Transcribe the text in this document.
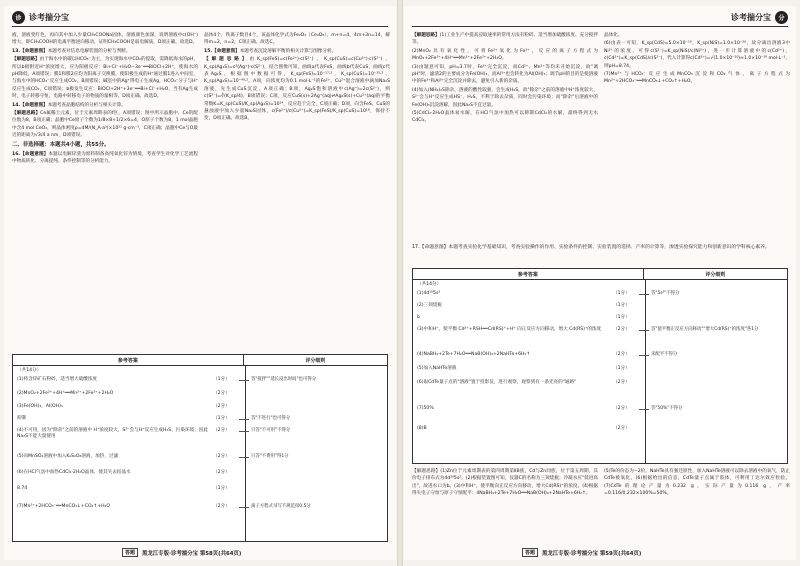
诊 诊考揣分宝

液，溶液变红色，再向其中加入少量CH₃COONa固体，溶液颜色加深，说明溶液中c(OH⁻)增大，即CH₃COOH的电离平衡逆向移动，证明CH₃COOH是弱电解质，D项正确。故选D。

13.【命题意图】本题考查对信息电解装置的分析与判断。

【解题思路】由于海水中的碳以HCO₃⁻为主，为实现海水中CO₂的提取，需降低海水的pH，所以b极附近H⁺浓度增大，应为阳极反应：Bi+Cl⁻+H₂O−3e⁻══BiOCl+2H⁺，使海水的pH降低，A项错误；膜1和膜2应均为阳离子交换膜，使阳极生成的H⁺通过膜1进入中间室，与海水中的HCO₃⁻反应生成CO₂，B项错误；碱室中的Ag⁺得电子生成Ag，HCO₃⁻分子与H⁺反应生成CO₂，C项错误；b极发生反应：BiOCl+2H⁺+3e⁻══Bi+Cl⁻+H₂O，当有Ag生成时，电子转移守恒，电路中转移电子的物质的量相等，D项正确。故选D。

14.【命题意图】本题考查晶胞结构的分析与相关计算。

【解题思路】Ce属稀土元素，位于元素周期表的f区，A项错误；图中所示晶胞中，Ce的配位数为8，B项正确；晶胞中Ce原子个数为1/8×8+1/2×6=4，O原子个数为8，1 mol晶胞中含4 mol CeO₂，则晶体密度ρ=4M/(N_A·a³)×10²¹ g·cm⁻³，C项正确；晶胞中Ce与O最近的距离为√3/4 a nm，D项错误。

二、非选择题：本题共4小题，共55分。

16.【命题意图】本题以电解锌渣为原料制备高纯氧化锌为情境，考查学生对化学工艺流程中物质转化、分离提纯、条件控制等的分析能力。

晶体4个，铁离子数目4个，该晶体化学式为Fe₂O₃（Ce₄O₈），m+n=4，4m+3n=14，解得m=2，n=2，C项正确。故选C。

15.【命题意图】本题考查沉淀溶解平衡的相关计算与图像分析。

【解题思路】由K_sp(FeS)=c(Fe²⁺)·c(S²⁻)，K_sp(CuS)=c(Cu²⁺)·c(S²⁻)，K_sp(Ag₂S)=c²(Ag⁺)·c(S²⁻)，结合图像可知，曲线a代表FeS，曲线b代表CuS，曲线c代表Ag₂S。根据图中数据可得，K_sp(FeS)=10⁻¹⁷·²，K_sp(CuS)=10⁻³⁵·²，K_sp(Ag₂S)=10⁻⁴⁹·²。A项，向浓度均为0.1 mol·L⁻¹的Fe²⁺、Cu²⁺混合溶液中滴加Na₂S溶液，先生成CuS沉淀，A项正确；B项，Ag₂S饱和溶液中c(Ag⁺)=2c(S²⁻)，则c(S²⁻)=∛(K_sp/4)，B项错误；C项，反应CuS(s)+2Ag⁺(aq)⇌Ag₂S(s)+Cu²⁺(aq)的平衡常数K=K_sp(CuS)/K_sp(Ag₂S)=10¹⁴，反应趋于完全，C项正确；D项，向含FeS、CuS的悬浊液中加入少量Na₂S固体，c(Fe²⁺)/c(Cu²⁺)=K_sp(FeS)/K_sp(CuS)=10¹⁸，保持不变，D项正确。故选B。

参考答案	评分细则
（共14分）
(1)将含锌矿石粉碎，适当增大硫酸浓度	（1分）	答"搅拌""延长浸出时间"也可得分
(2)MnO₂+2Fe²⁺+4H⁺══Mn²⁺+2Fe³⁺+2H₂O	（2分）
(3)Fe(OH)₃，Al(OH)₃	（2分）
抑制	（1分）	答"不进行"也可得分
(4)不可用，因为"除杂"之前的溶液中 H⁺浓度较大，S²⁻会与H⁺反应生成H₂S，污染环境；因此Na₂S不能大量使用
（2分）	只答"不可用"不得分
(5)向MnSO₄溶液中加入K₂S₂O₈溶液，加热，过滤	（2分）	只答"不费用"得1分
(6)在HCl气氛中加热CdCl₂·2H₂O晶体，使其失去结晶水	（2分）
8.74	（1分）
(7)Mn²⁺+2HCO₃⁻══MnCO₃↓+CO₂↑+H₂O	（2分）	离子方程式书写不规范扣0.5分
答题	黑龙江专版·诊考揣分宝 第58页(共64页)
诊考揣分宝	分

【解题思路】(1)工业生产中提高浸取速率的常用方法有粉碎、适当增加硫酸浓度、充分搅拌等。

(2)MnO₂具有氧化性，可将Fe²⁺氧化为Fe³⁺，反应的离子方程式为MnO₂+2Fe²⁺+4H⁺══Mn²⁺+2Fe³⁺+2H₂O。

(3)由题意可知，pH=3.7时，Fe³⁺完全沉淀，而Cd²⁺、Mn²⁺等均未开始沉淀，故"调pH"时，滤渣2的主要成分为Fe(OH)₃，而Al³⁺也会转化为Al(OH)₃；调节pH的目的是使溶液中的Fe³⁺和Al³⁺完全沉淀并除去，避免引入新的杂质。

(4)加入(NH₄)₂S除杂，溶液的酸性较强，会生成H₂S，故"除杂"之前的溶液中H⁺浓度较大，S²⁻会与H⁺反应生成HS⁻、H₂S，不利于除去杂质，同时会污染环境；而"除杂"后溶液中的Fe(OH)₃沉淀溶解，因此Na₂S不宜过量。

(5)CdCl₂·2H₂O晶体易水解，在HCl气氛中加热可以抑制CdCl₂的水解，最终得到无水CdCl₂。

晶体化。

(6)由表一可知，K_sp(CdS)=5.0×10⁻¹⁰，K_sp(NiS)=1.0×10⁻²⁶，故分离出溶液3中Ni²⁺的浓度，可得c(S²⁻)=K_sp(NiS)/c(Ni²⁺)，进一步计算溶液中的c(Cd²⁺)，c(Cd²⁺)=K_sp(CdS)/c(S²⁻)，代入计算得c(Cd²⁺)=√(1.0×10⁻²⁰)≈1.0×10⁻¹⁰ mol·L⁻¹，则pH=8.74。

(7)Mn²⁺与HCO₃⁻反应生成MnCO₃沉淀和CO₂气体，离子方程式为Mn²⁺+2HCO₃⁻══MnCO₃↓+CO₂↑+H₂O。

17.【命题意图】本题考查实验化学基础知识，考查实验操作的作用、实验条件的控制、实验装置的选择、产率的计算等，渗透实验探究能力和创新意识的学科核心素养。
参考答案	评分细则
（共14分）
(1)4d¹⁰5s²	（1分）	答"5s²"不得分
(2)三颈烧瓶	（1分）
b	（1分）
(3)中和H⁺，使平衡 Cd²⁺+RSH══Cd(RS)⁺+H⁺ 向正反应方向移动，增大 Cd(RS)⁺的浓度	（2分）	答"使平衡正反应方向移动""增大Cd(RS)⁺的浓度"各1分
(4)NaBH₄+2Te+7H₂O══NaB(OH)₄+2NaHTe+6H₂↑	（2分）	未配平不得分
(5)加入NaHTe溶液	（1分）
(6)取CdTe量子点的"溶液"置于投影仪，进行观察，观察到有一条光亮的"通路"	（2分）
(7)50%	（2分）	答"50%"不得分
(8)B	（2分）

【解题思路】(1)Zn位于元素周期表的第四周期第ⅡB族，Cd与Zn同族，位于第五周期，其价电子排布式为4d¹⁰5s²。(2)根据装置图可知，仪器C的名称为三颈烧瓶；冷凝水应"低进高出"，故进水口为b。(3)中和H⁺，使平衡向正反应方向移动，增大Cd(RS)⁺的浓度。(4)根据得失电子守恒与原子守恒配平：4NaBH₄+2Te+7H₂O══NaB(OH)₄+2NaHTe+6H₂↑。

(5)Te的价态为−2价，NaHTe具有强还原性，加入NaHTe溶液可以除去溶液中的氧气，防止CdTe被氧化。(6)根据给出的信息，CdTe量子点属于胶体，可利用丁达尔效应检验。(7)CdTe的理论产量为0.232 g，实际产量为0.116 g，产率=0.116/0.232×100%=50%。

答题	黑龙江专版·诊考揣分宝 第59页(共64页)
